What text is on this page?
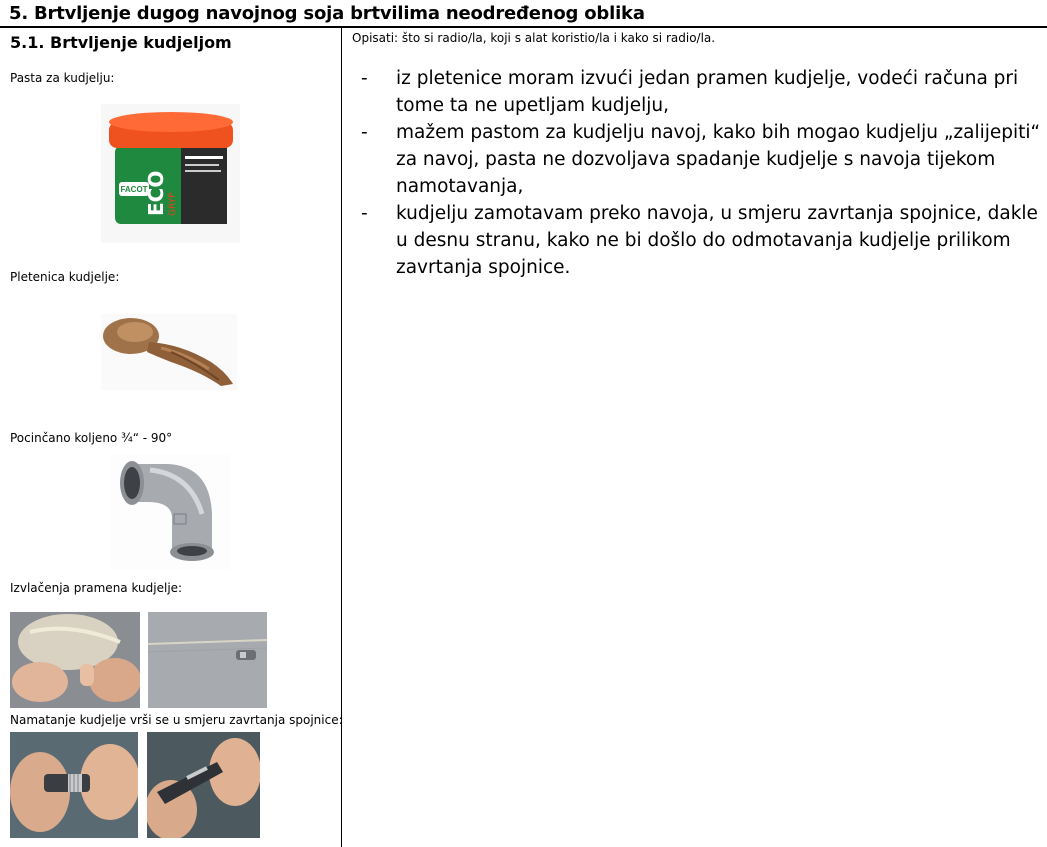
5. Brtvljenje dugog navojnog soja brtvilima neodređenog oblika
5.1. Brtvljenje kudjeljom
Pasta za kudjelju:
FACOT
ECO GRYP
Pletenica kudjelje:
Pocinčano koljeno ¾“ - 90°
Izvlačenja pramena kudjelje:
Namatanje kudjelje vrši se u smjeru zavrtanja spojnice:
Opisati: što si radio/la, koji s alat koristio/la i kako si radio/la.
- iz pletenice moram izvući jedan pramen kudjelje, vodeći računa pri tome ta ne upetljam kudjelju,
- mažem pastom za kudjelju navoj, kako bih mogao kudjelju „zalijepiti“ za navoj, pasta ne dozvoljava spadanje kudjelje s navoja tijekom namotavanja,
- kudjelju zamotavam preko navoja, u smjeru zavrtanja spojnice, dakle u desnu stranu, kako ne bi došlo do odmotavanja kudjelje prilikom zavrtanja spojnice.
